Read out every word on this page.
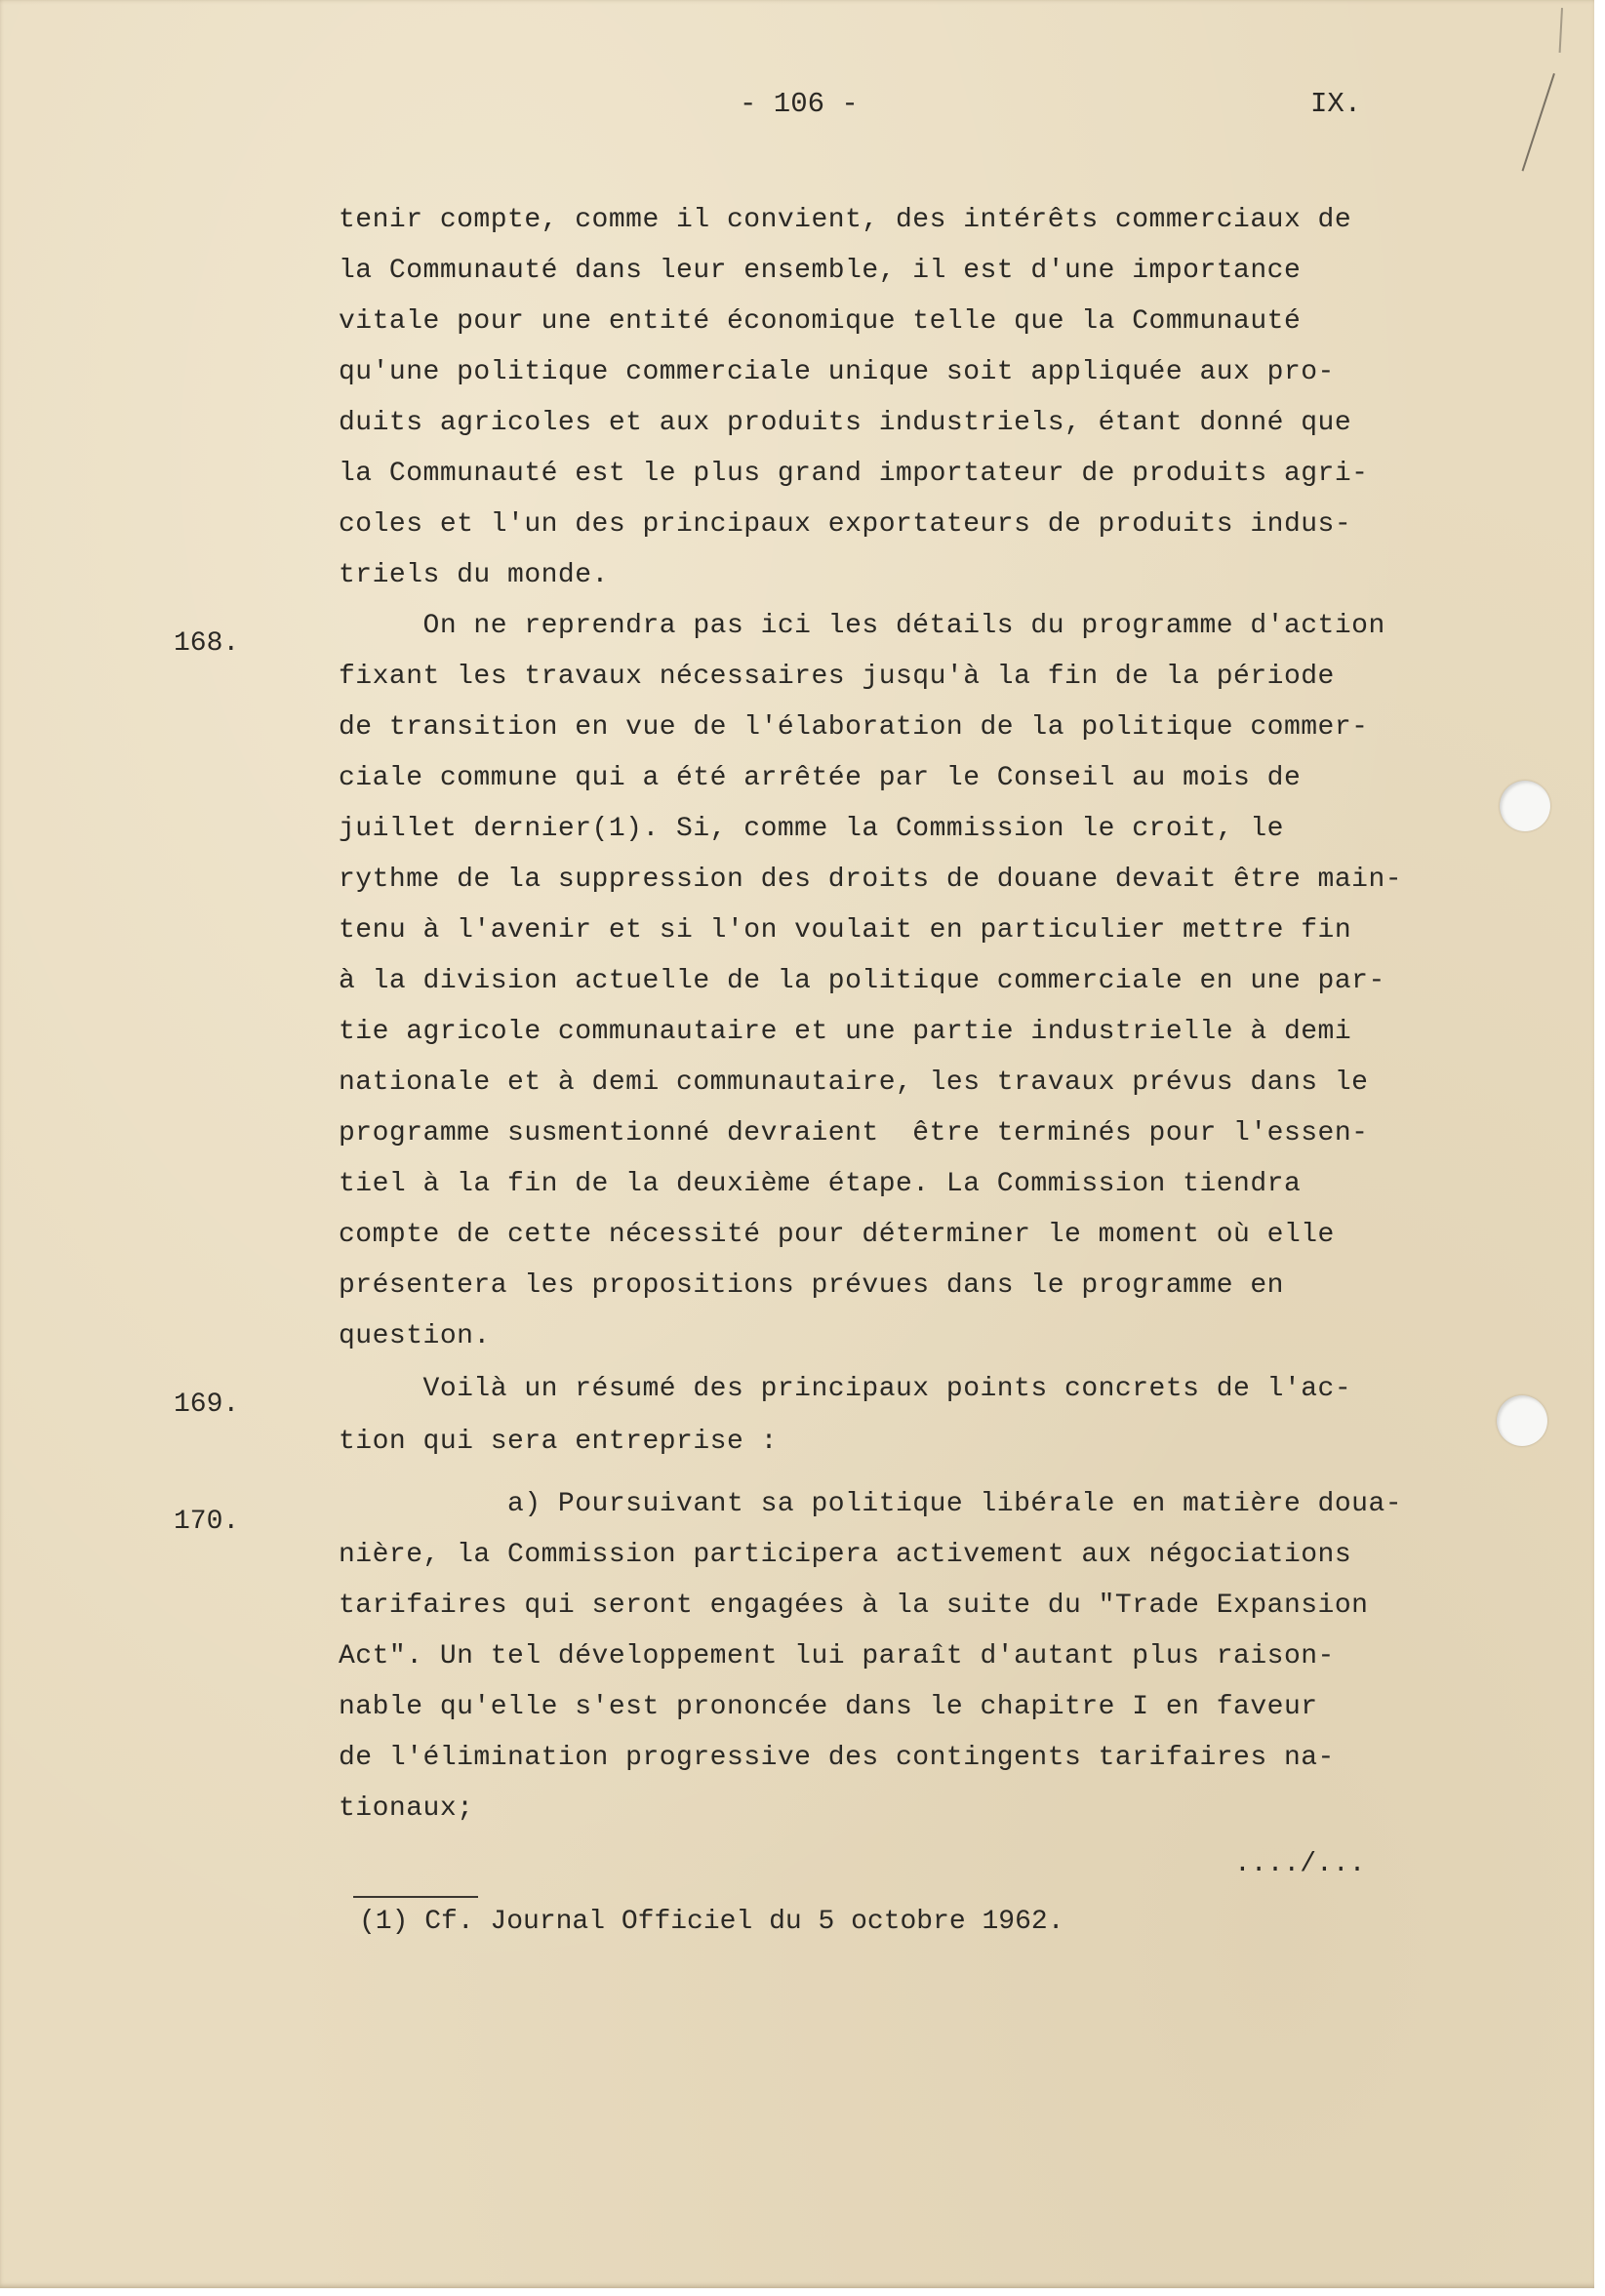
- 106 -	IX.

tenir compte, comme il convient, des intérêts commerciaux de

la Communauté dans leur ensemble, il est d'une importance

vitale pour une entité économique telle que la Communauté

qu'une politique commerciale unique soit appliquée aux pro-

duits agricoles et aux produits industriels, étant donné que

la Communauté est le plus grand importateur de produits agri-

coles et l'un des principaux exportateurs de produits indus-

triels du monde.

168.

On ne reprendra pas ici les détails du programme d'action

fixant les travaux nécessaires jusqu'à la fin de la période

de transition en vue de l'élaboration de la politique commer-

ciale commune qui a été arrêtée par le Conseil au mois de

juillet dernier(1). Si, comme la Commission le croit, le

rythme de la suppression des droits de douane devait être main-

tenu à l'avenir et si l'on voulait en particulier mettre fin

à la division actuelle de la politique commerciale en une par-

tie agricole communautaire et une partie industrielle à demi

nationale et à demi communautaire, les travaux prévus dans le

programme susmentionné devraient  être terminés pour l'essen-

tiel à la fin de la deuxième étape. La Commission tiendra

compte de cette nécessité pour déterminer le moment où elle

présentera les propositions prévues dans le programme en

question.

169.

Voilà un résumé des principaux points concrets de l'ac-

tion qui sera entreprise :

170.

a) Poursuivant sa politique libérale en matière doua-

nière, la Commission participera activement aux négociations

tarifaires qui seront engagées à la suite du "Trade Expansion

Act". Un tel développement lui paraît d'autant plus raison-

nable qu'elle s'est prononcée dans le chapitre I en faveur

de l'élimination progressive des contingents tarifaires na-

tionaux;

..../...
(1) Cf. Journal Officiel du 5 octobre 1962.
